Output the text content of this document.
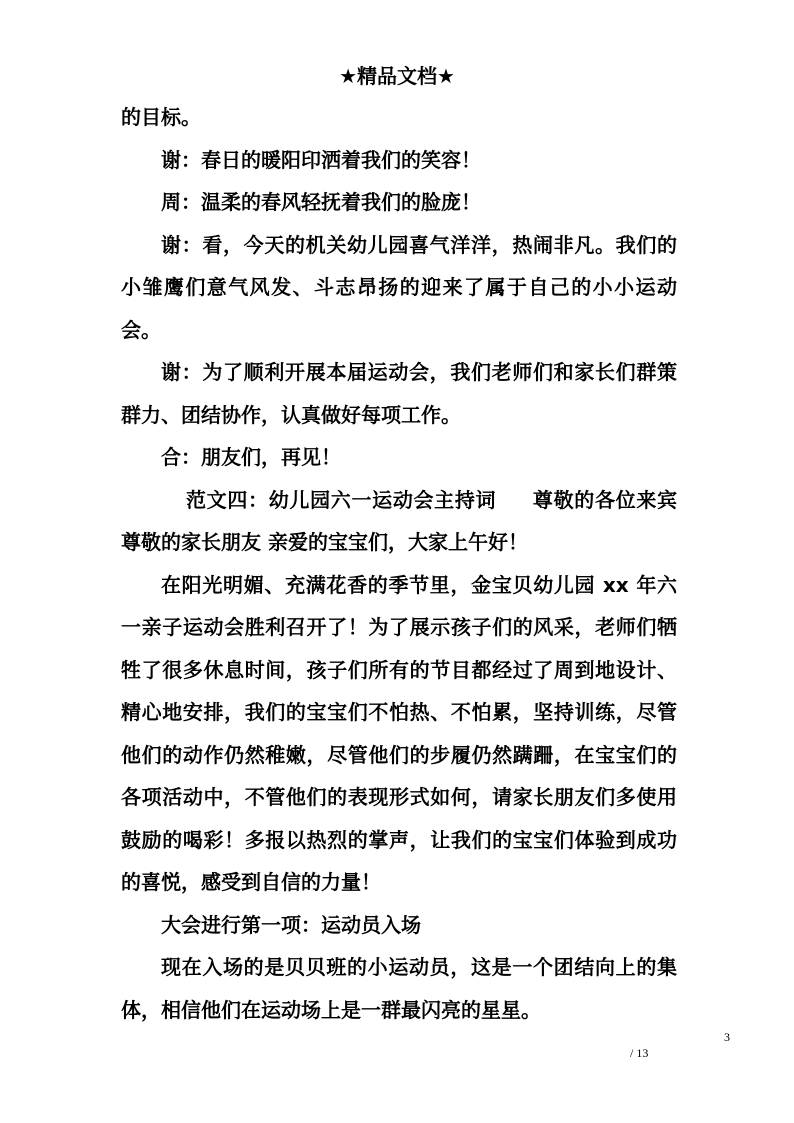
★精品文档★

的目标。

谢：春日的暖阳印洒着我们的笑容！

周：温柔的春风轻抚着我们的脸庞！

谢：看，今天的机关幼儿园喜气洋洋，热闹非凡。我们的小雏鹰们意气风发、斗志昂扬的迎来了属于自己的小小运动会。

谢：为了顺利开展本届运动会，我们老师们和家长们群策群力、团结协作，认真做好每项工作。

合：朋友们，再见！

范文四：幼儿园六一运动会主持词 尊敬的各位来宾 尊敬的家长朋友 亲爱的宝宝们，大家上午好！

在阳光明媚、充满花香的季节里，金宝贝幼儿园 xx 年六一亲子运动会胜利召开了！为了展示孩子们的风采，老师们牺牲了很多休息时间，孩子们所有的节目都经过了周到地设计、精心地安排，我们的宝宝们不怕热、不怕累，坚持训练，尽管他们的动作仍然稚嫩，尽管他们的步履仍然蹒跚，在宝宝们的各项活动中，不管他们的表现形式如何，请家长朋友们多使用鼓励的喝彩！多报以热烈的掌声，让我们的宝宝们体验到成功的喜悦，感受到自信的力量！

大会进行第一项：运动员入场

现在入场的是贝贝班的小运动员，这是一个团结向上的集体，相信他们在运动场上是一群最闪亮的星星。

3
/ 13
